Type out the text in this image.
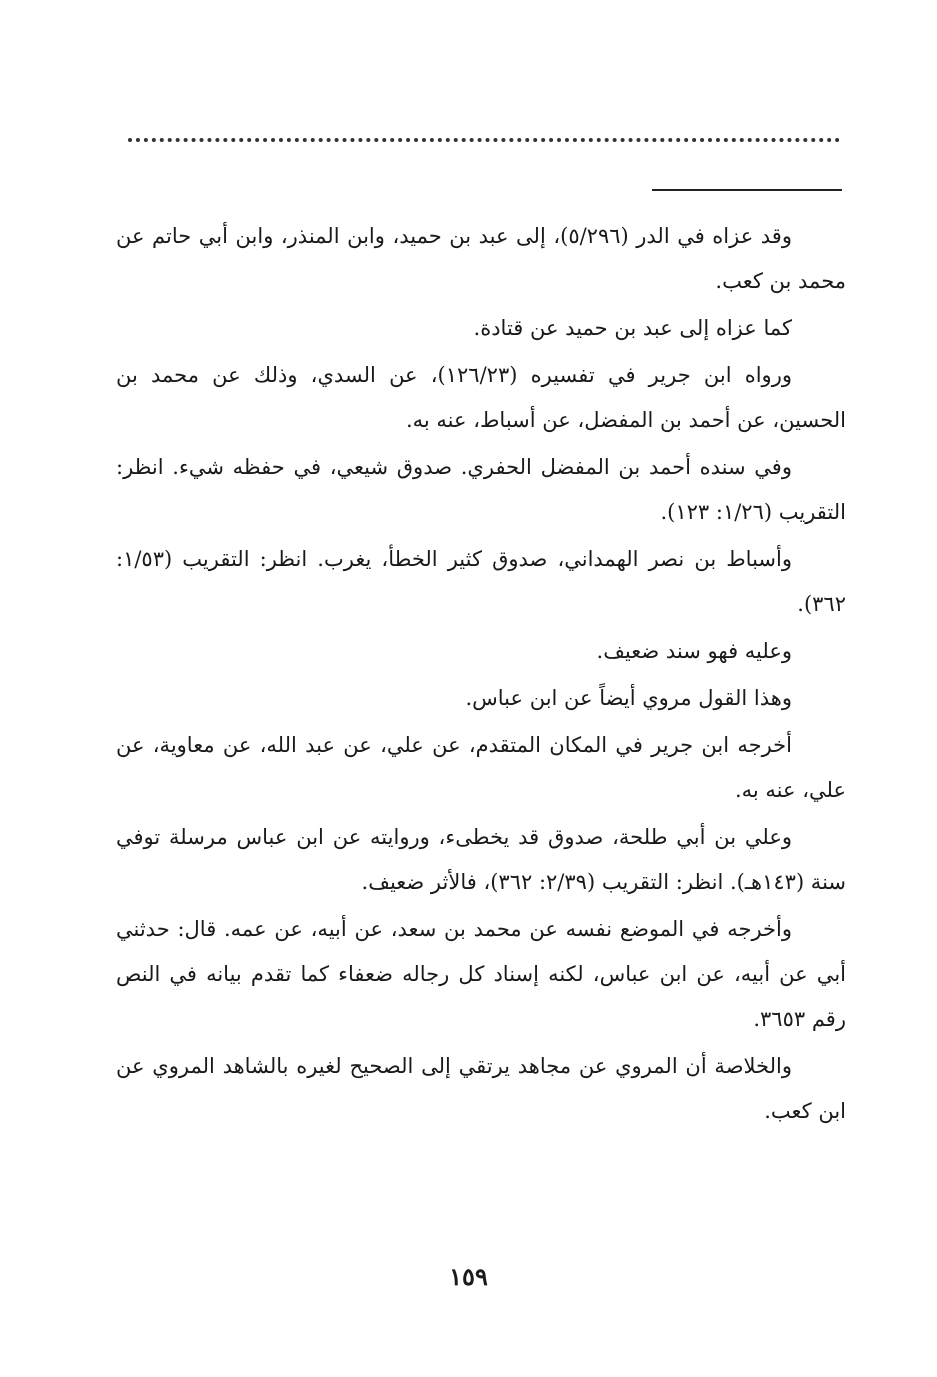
وقد عزاه في الدر (٥/٢٩٦)، إلى عبد بن حميد، وابن المنذر، وابن أبي حاتم عن محمد بن كعب.

كما عزاه إلى عبد بن حميد عن قتادة.

ورواه ابن جرير في تفسيره (١٢٦/٢٣)، عن السدي، وذلك عن محمد بن الحسين، عن أحمد بن المفضل، عن أسباط، عنه به.

وفي سنده أحمد بن المفضل الحفري. صدوق شيعي، في حفظه شيء. انظر: التقريب (١/٢٦: ١٢٣).

وأسباط بن نصر الهمداني، صدوق كثير الخطأ، يغرب. انظر: التقريب (١/٥٣: ٣٦٢).

وعليه فهو سند ضعيف.

وهذا القول مروي أيضاً عن ابن عباس.

أخرجه ابن جرير في المكان المتقدم، عن علي، عن عبد الله، عن معاوية، عن علي، عنه به.

وعلي بن أبي طلحة، صدوق قد يخطىء، وروايته عن ابن عباس مرسلة توفي سنة (١٤٣هـ). انظر: التقريب (٢/٣٩: ٣٦٢)، فالأثر ضعيف.

وأخرجه في الموضع نفسه عن محمد بن سعد، عن أبيه، عن عمه. قال: حدثني أبي عن أبيه، عن ابن عباس، لكنه إسناد كل رجاله ضعفاء كما تقدم بيانه في النص رقم ٣٦٥٣.

والخلاصة أن المروي عن مجاهد يرتقي إلى الصحيح لغيره بالشاهد المروي عن ابن كعب.

١٥٩
